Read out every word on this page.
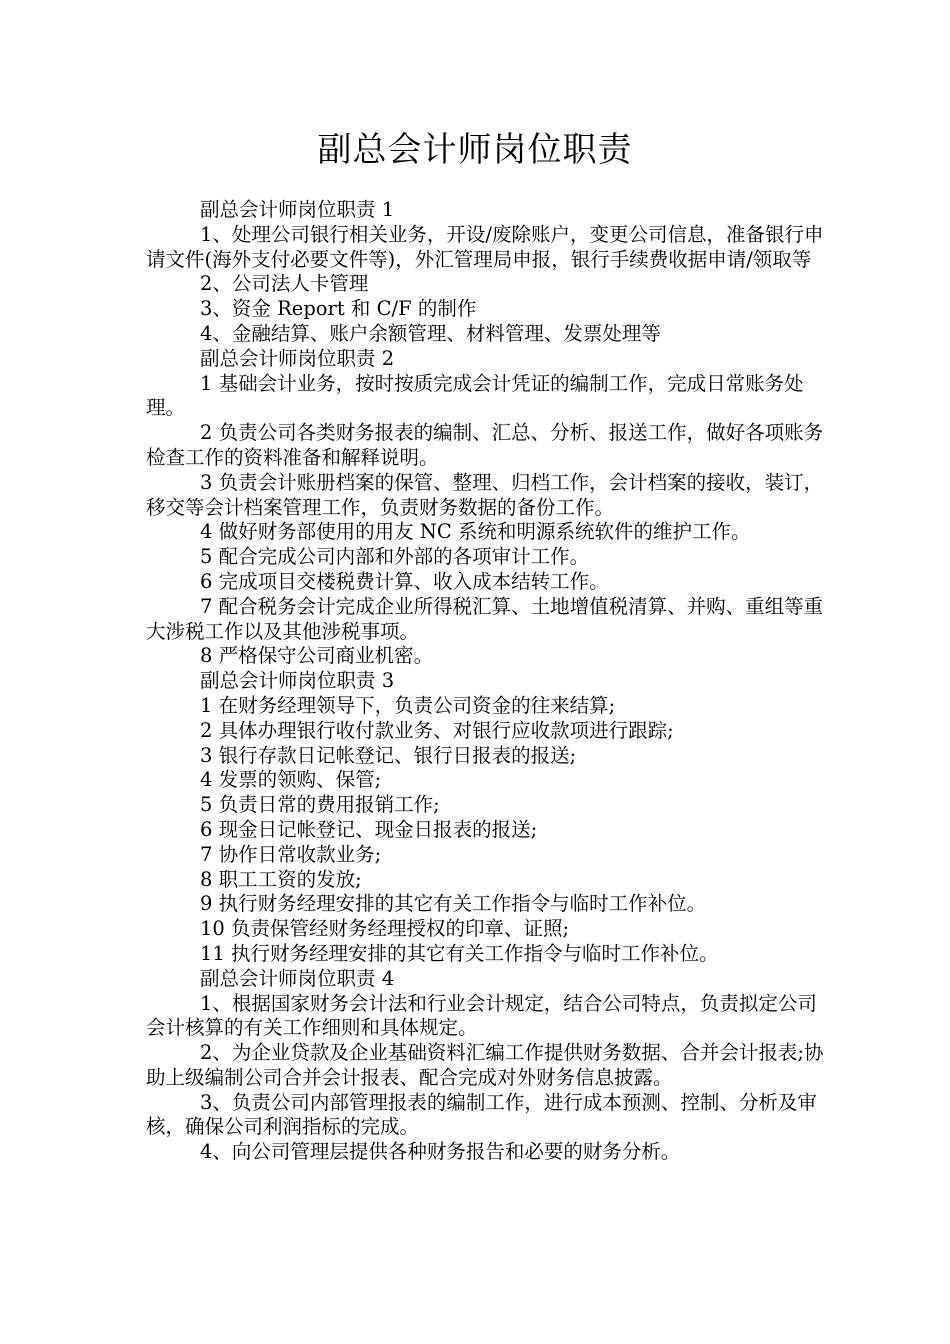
副总会计师岗位职责

副总会计师岗位职责 1

1、处理公司银行相关业务，开设/废除账户，变更公司信息，准备银行申请文件(海外支付必要文件等)，外汇管理局申报，银行手续费收据申请/领取等

2、公司法人卡管理

3、资金 Report 和 C/F 的制作

4、金融结算、账户余额管理、材料管理、发票处理等

副总会计师岗位职责 2

1 基础会计业务，按时按质完成会计凭证的编制工作，完成日常账务处理。

2 负责公司各类财务报表的编制、汇总、分析、报送工作，做好各项账务检查工作的资料准备和解释说明。

3 负责会计账册档案的保管、整理、归档工作，会计档案的接收，装订，移交等会计档案管理工作，负责财务数据的备份工作。

4 做好财务部使用的用友 NC 系统和明源系统软件的维护工作。

5 配合完成公司内部和外部的各项审计工作。

6 完成项目交楼税费计算、收入成本结转工作。

7 配合税务会计完成企业所得税汇算、土地增值税清算、并购、重组等重大涉税工作以及其他涉税事项。

8 严格保守公司商业机密。

副总会计师岗位职责 3

1 在财务经理领导下，负责公司资金的往来结算;

2 具体办理银行收付款业务、对银行应收款项进行跟踪;

3 银行存款日记帐登记、银行日报表的报送;

4 发票的领购、保管;

5 负责日常的费用报销工作;

6 现金日记帐登记、现金日报表的报送;

7 协作日常收款业务;

8 职工工资的发放;

9 执行财务经理安排的其它有关工作指令与临时工作补位。

10 负责保管经财务经理授权的印章、证照;

11 执行财务经理安排的其它有关工作指令与临时工作补位。

副总会计师岗位职责 4

1、根据国家财务会计法和行业会计规定，结合公司特点，负责拟定公司会计核算的有关工作细则和具体规定。

2、为企业贷款及企业基础资料汇编工作提供财务数据、合并会计报表;协助上级编制公司合并会计报表、配合完成对外财务信息披露。

3、负责公司内部管理报表的编制工作，进行成本预测、控制、分析及审核，确保公司利润指标的完成。

4、向公司管理层提供各种财务报告和必要的财务分析。
